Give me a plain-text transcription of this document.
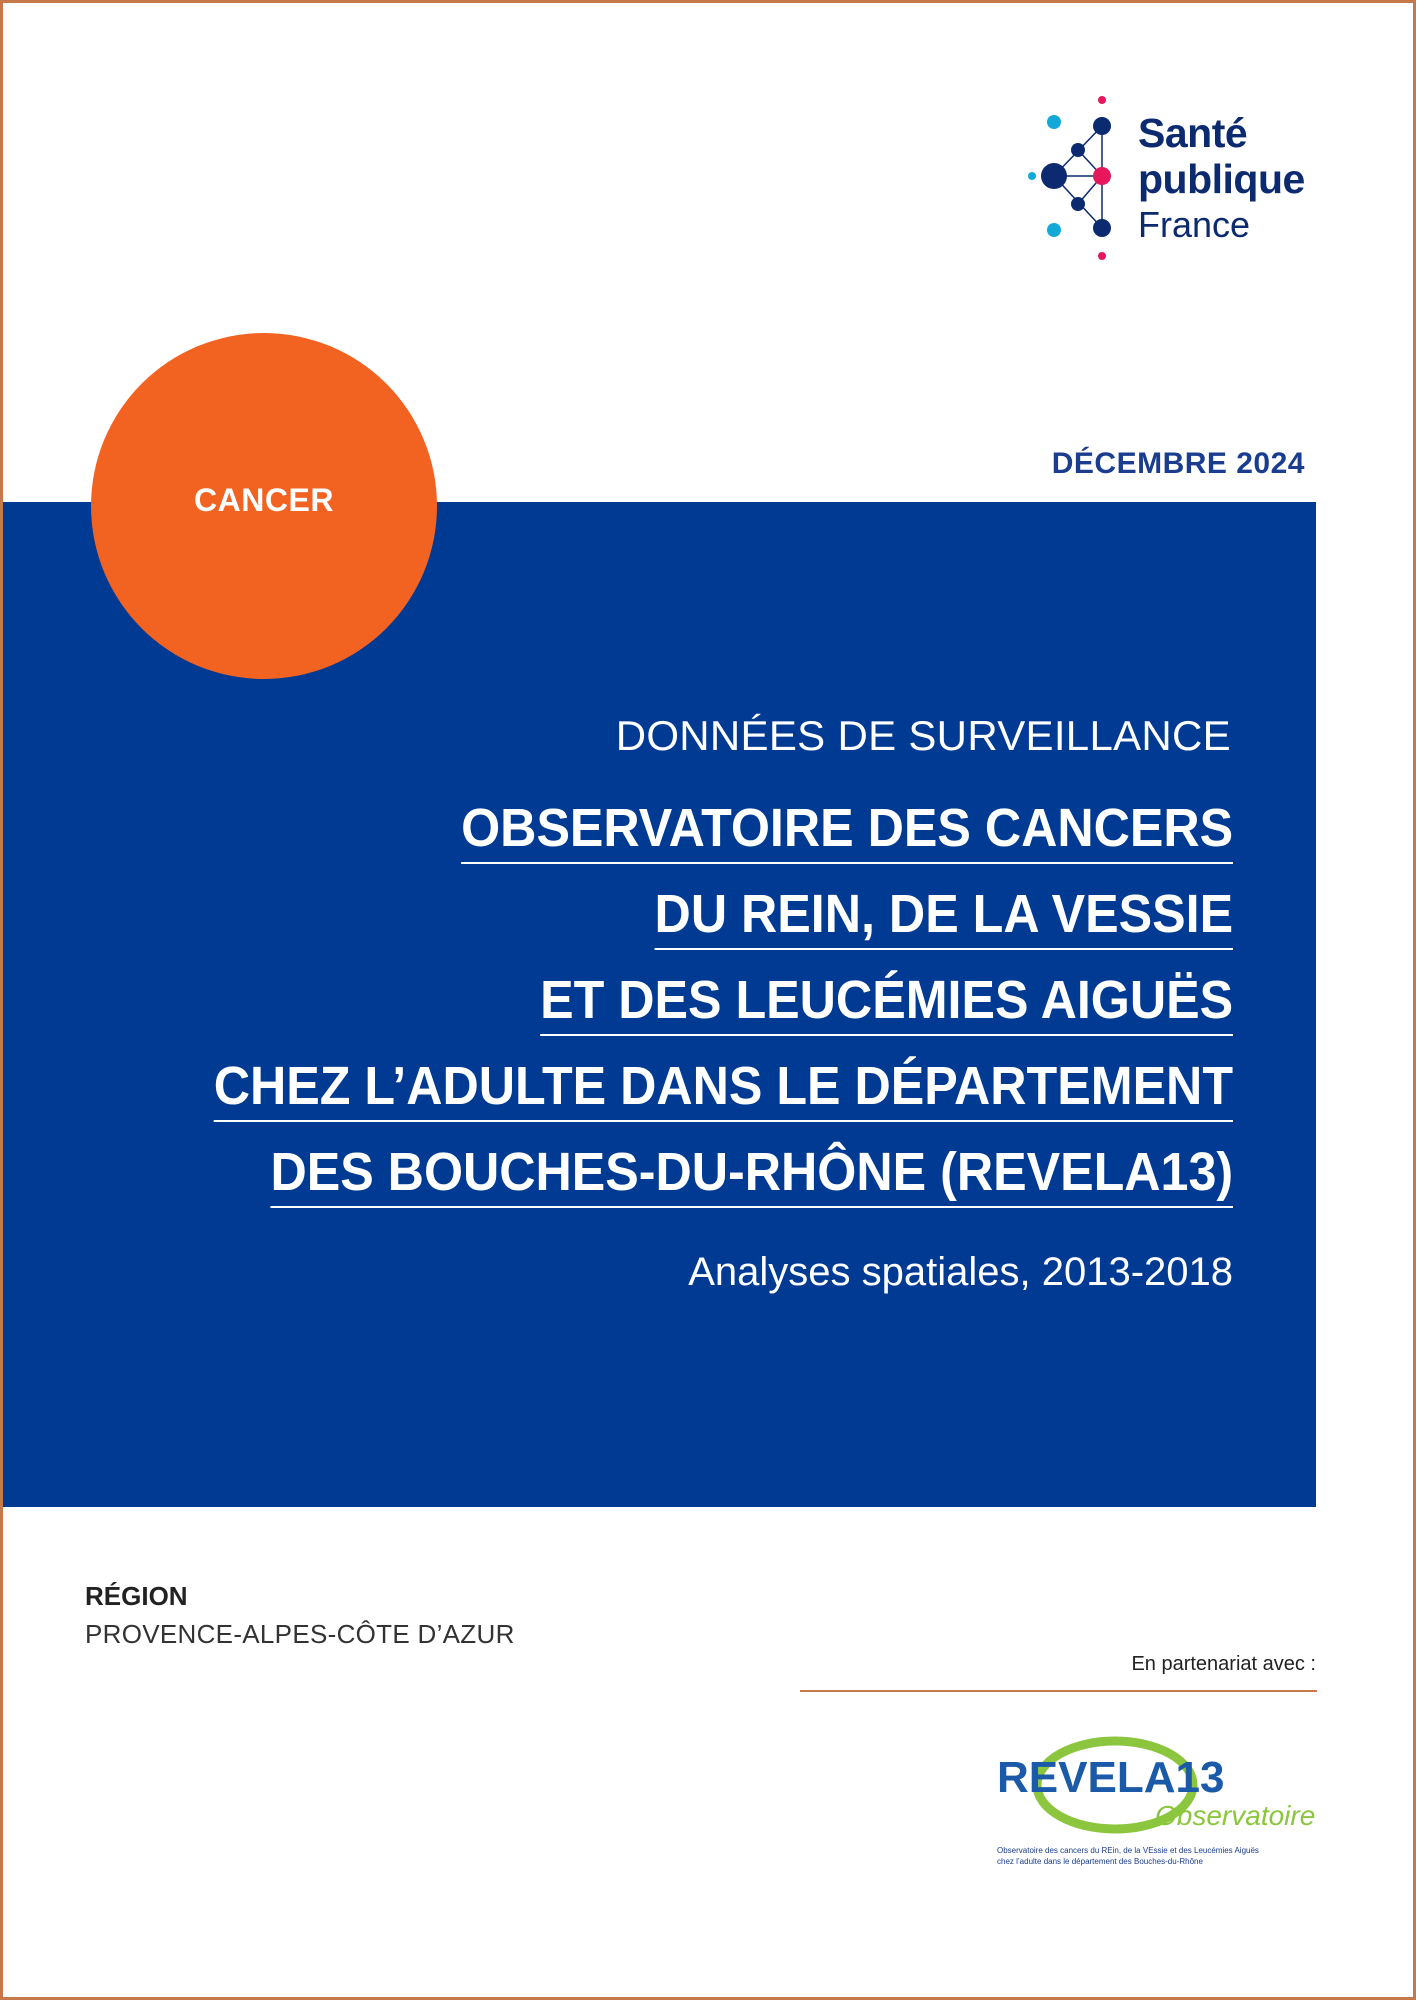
Santé
publique
France
DÉCEMBRE 2024
CANCER
DONNÉES DE SURVEILLANCE
OBSERVATOIRE DES CANCERS
DU REIN, DE LA VESSIE
ET DES LEUCÉMIES AIGUËS
CHEZ L’ADULTE DANS LE DÉPARTEMENT
DES BOUCHES-DU-RHÔNE (REVELA13)
Analyses spatiales, 2013-2018
RÉGION
PROVENCE-ALPES-CÔTE D’AZUR
En partenariat avec :
REVELA13
Observatoire
Observatoire des cancers du REin, de la VEssie et des Leucémies Aiguës
chez l’adulte dans le département des Bouches-du-Rhône
